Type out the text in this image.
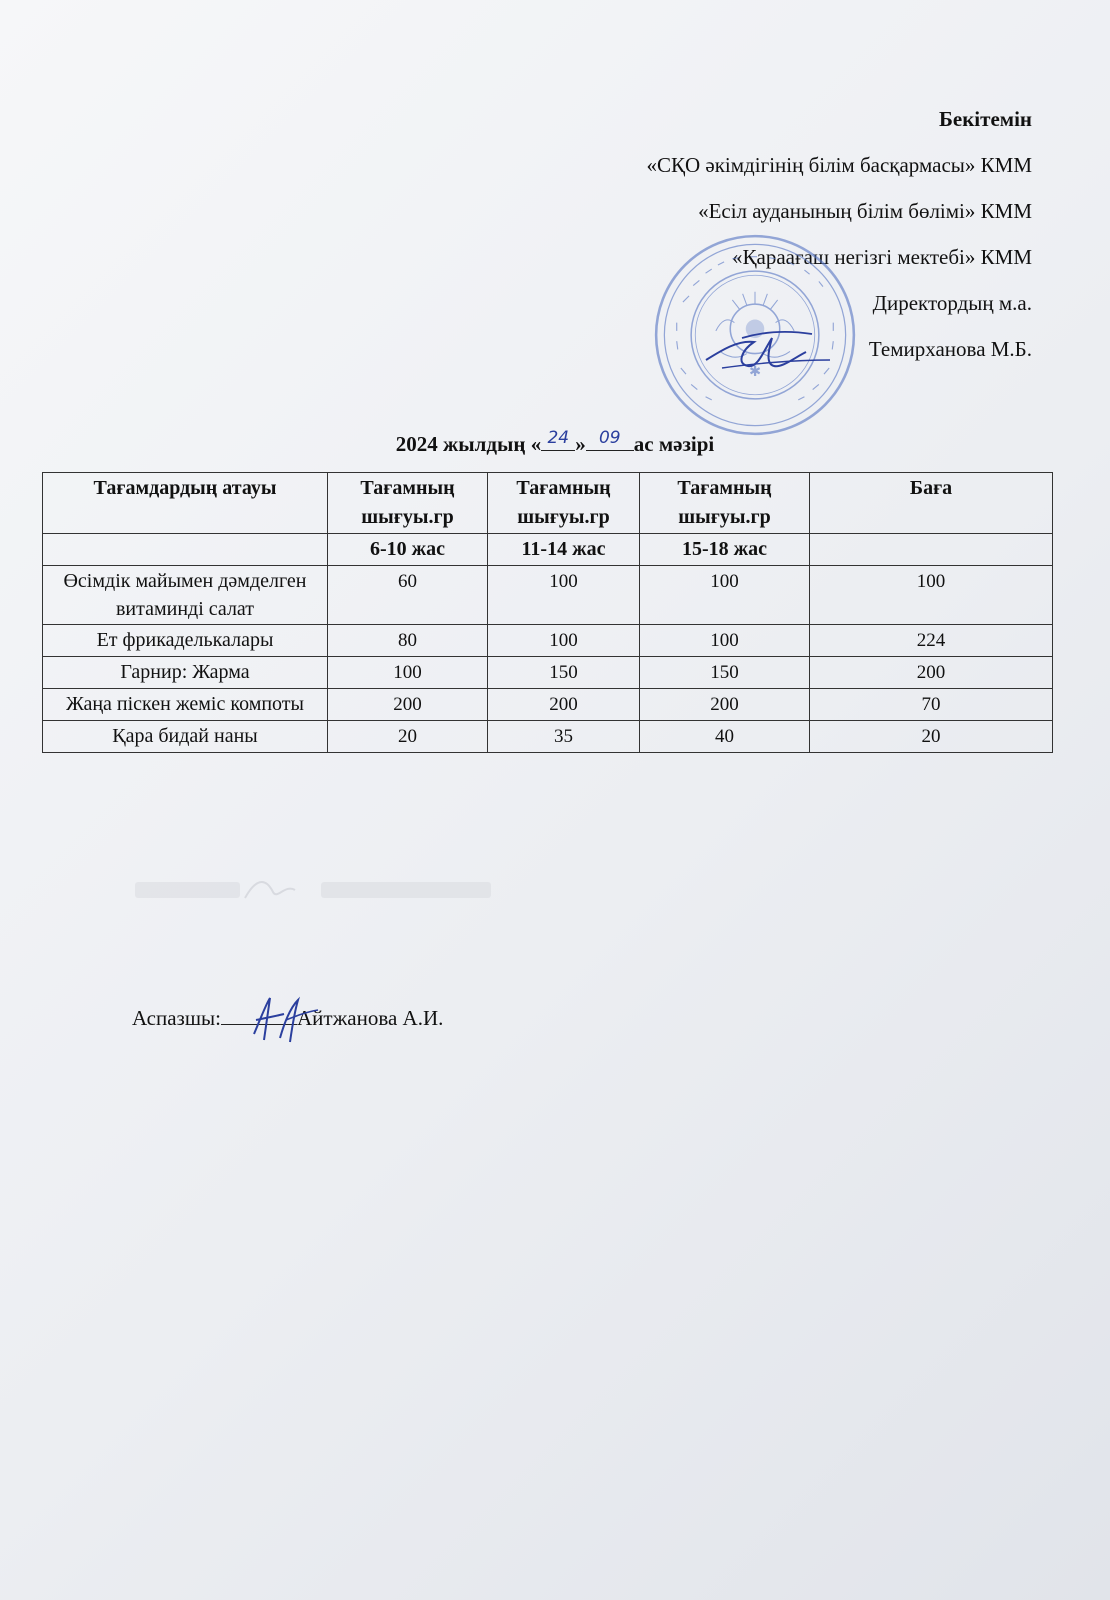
Бекітемін
«СҚО әкімдігінің білім басқармасы» КММ
«Есіл ауданының білім бөлімі» КММ
«Қараағаш негізгі мектебі» КММ
Директордың м.а.
Темирханова М.Б.
✱
2024 жылдың « 24 » 09 ас мәзірі
Тағамдардың атауы	Тағамның шығуы.гр	Тағамның шығуы.гр	Тағамның шығуы.гр	Баға
	6-10 жас	11-14 жас	15-18 жас	
Өсімдік майымен дәмделген витаминді салат	60	100	100	100
Ет фрикаделькалары	80	100	100	224
Гарнир: Жарма	100	150	150	200
Жаңа піскен жеміс компоты	200	200	200	70
Қара бидай наны	20	35	40	20
Аспазшы:	Айтжанова А.И.
